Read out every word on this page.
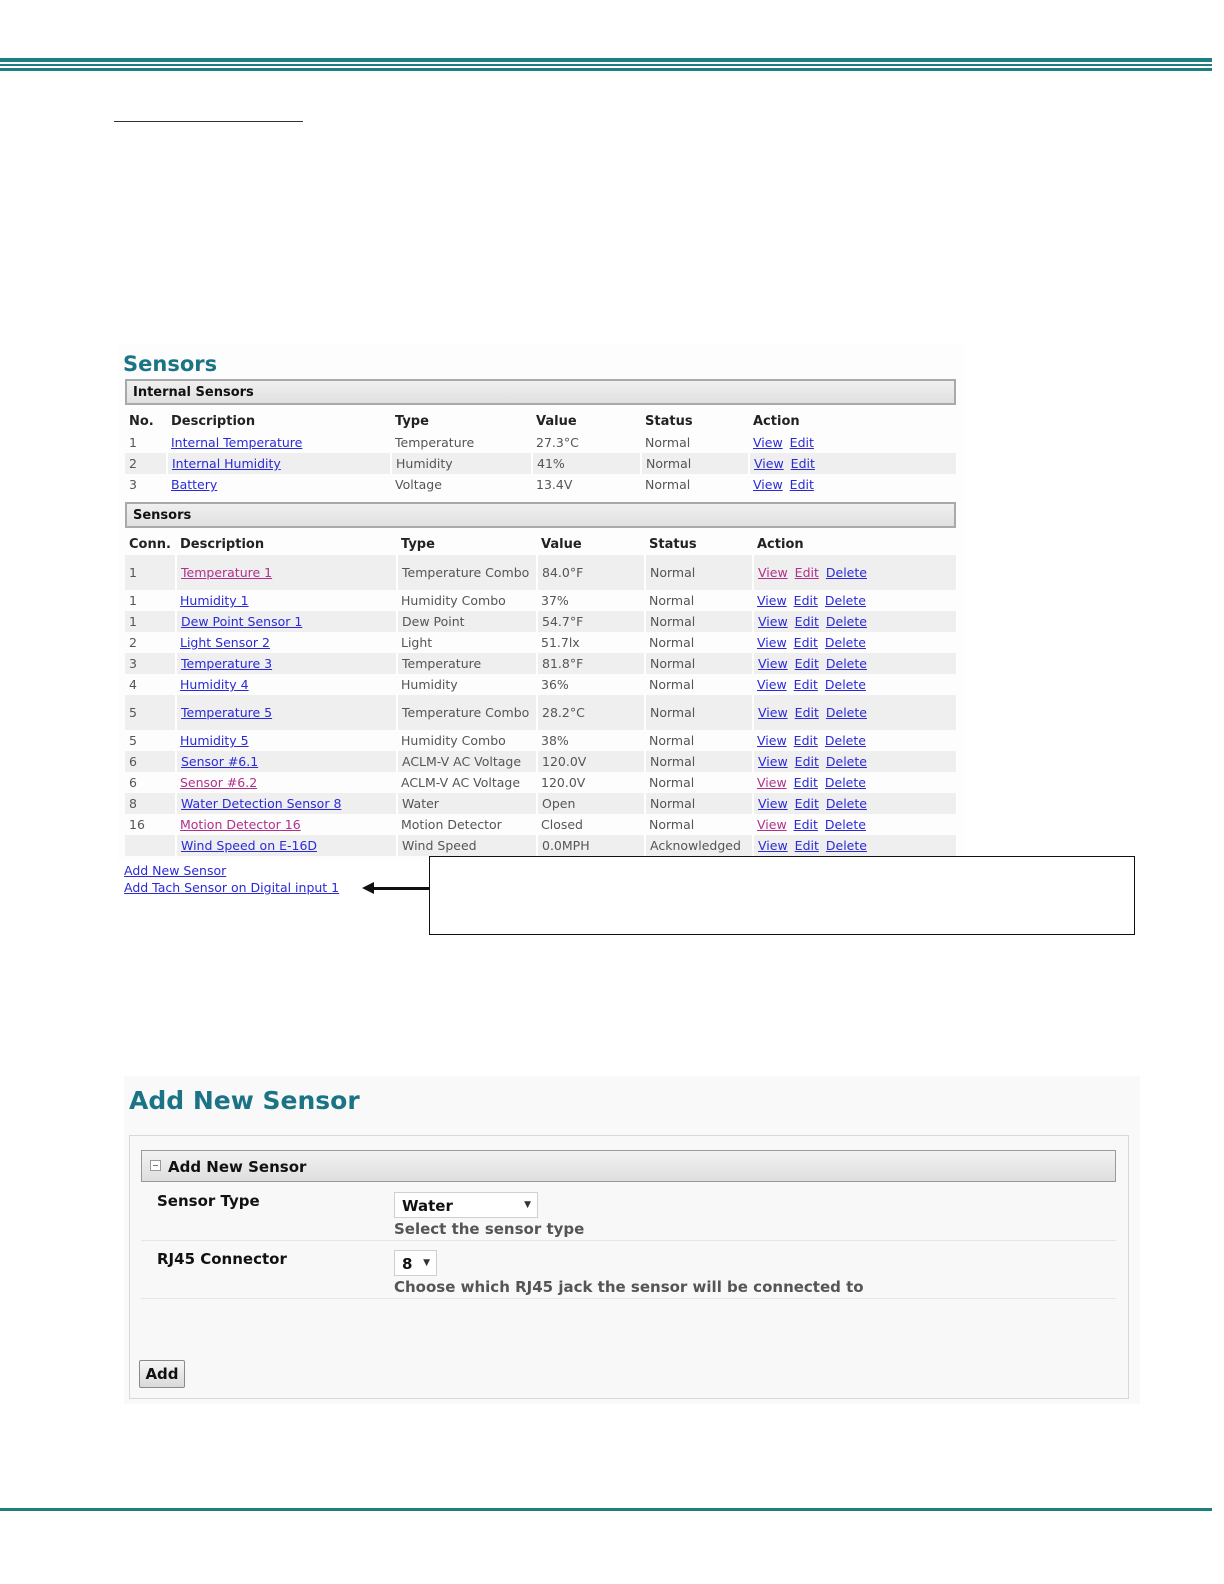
Sensors
Internal Sensors
No.	Description	Type	Value	Status	Action
1	Internal Temperature	Temperature	27.3°C	Normal	View Edit
2	Internal Humidity	Humidity	41%	Normal	View Edit
3	Battery	Voltage	13.4V	Normal	View Edit
Sensors
Conn.	Description	Type	Value	Status	Action
1	Temperature 1	Temperature Combo	84.0°F	Normal	View Edit Delete
1	Humidity 1	Humidity Combo	37%	Normal	View Edit Delete
1	Dew Point Sensor 1	Dew Point	54.7°F	Normal	View Edit Delete
2	Light Sensor 2	Light	51.7lx	Normal	View Edit Delete
3	Temperature 3	Temperature	81.8°F	Normal	View Edit Delete
4	Humidity 4	Humidity	36%	Normal	View Edit Delete
5	Temperature 5	Temperature Combo	28.2°C	Normal	View Edit Delete
5	Humidity 5	Humidity Combo	38%	Normal	View Edit Delete
6	Sensor #6.1	ACLM-V AC Voltage	120.0V	Normal	View Edit Delete
6	Sensor #6.2	ACLM-V AC Voltage	120.0V	Normal	View Edit Delete
8	Water Detection Sensor 8	Water	Open	Normal	View Edit Delete
16	Motion Detector 16	Motion Detector	Closed	Normal	View Edit Delete
	Wind Speed on E-16D	Wind Speed	0.0MPH	Acknowledged	View Edit Delete
Add New Sensor
Add Tach Sensor on Digital input 1
Add New Sensor
Add New Sensor
Sensor Type	Water	▼
Select the sensor type
RJ45 Connector	8 ▼
Choose which RJ45 jack the sensor will be connected to
Add
